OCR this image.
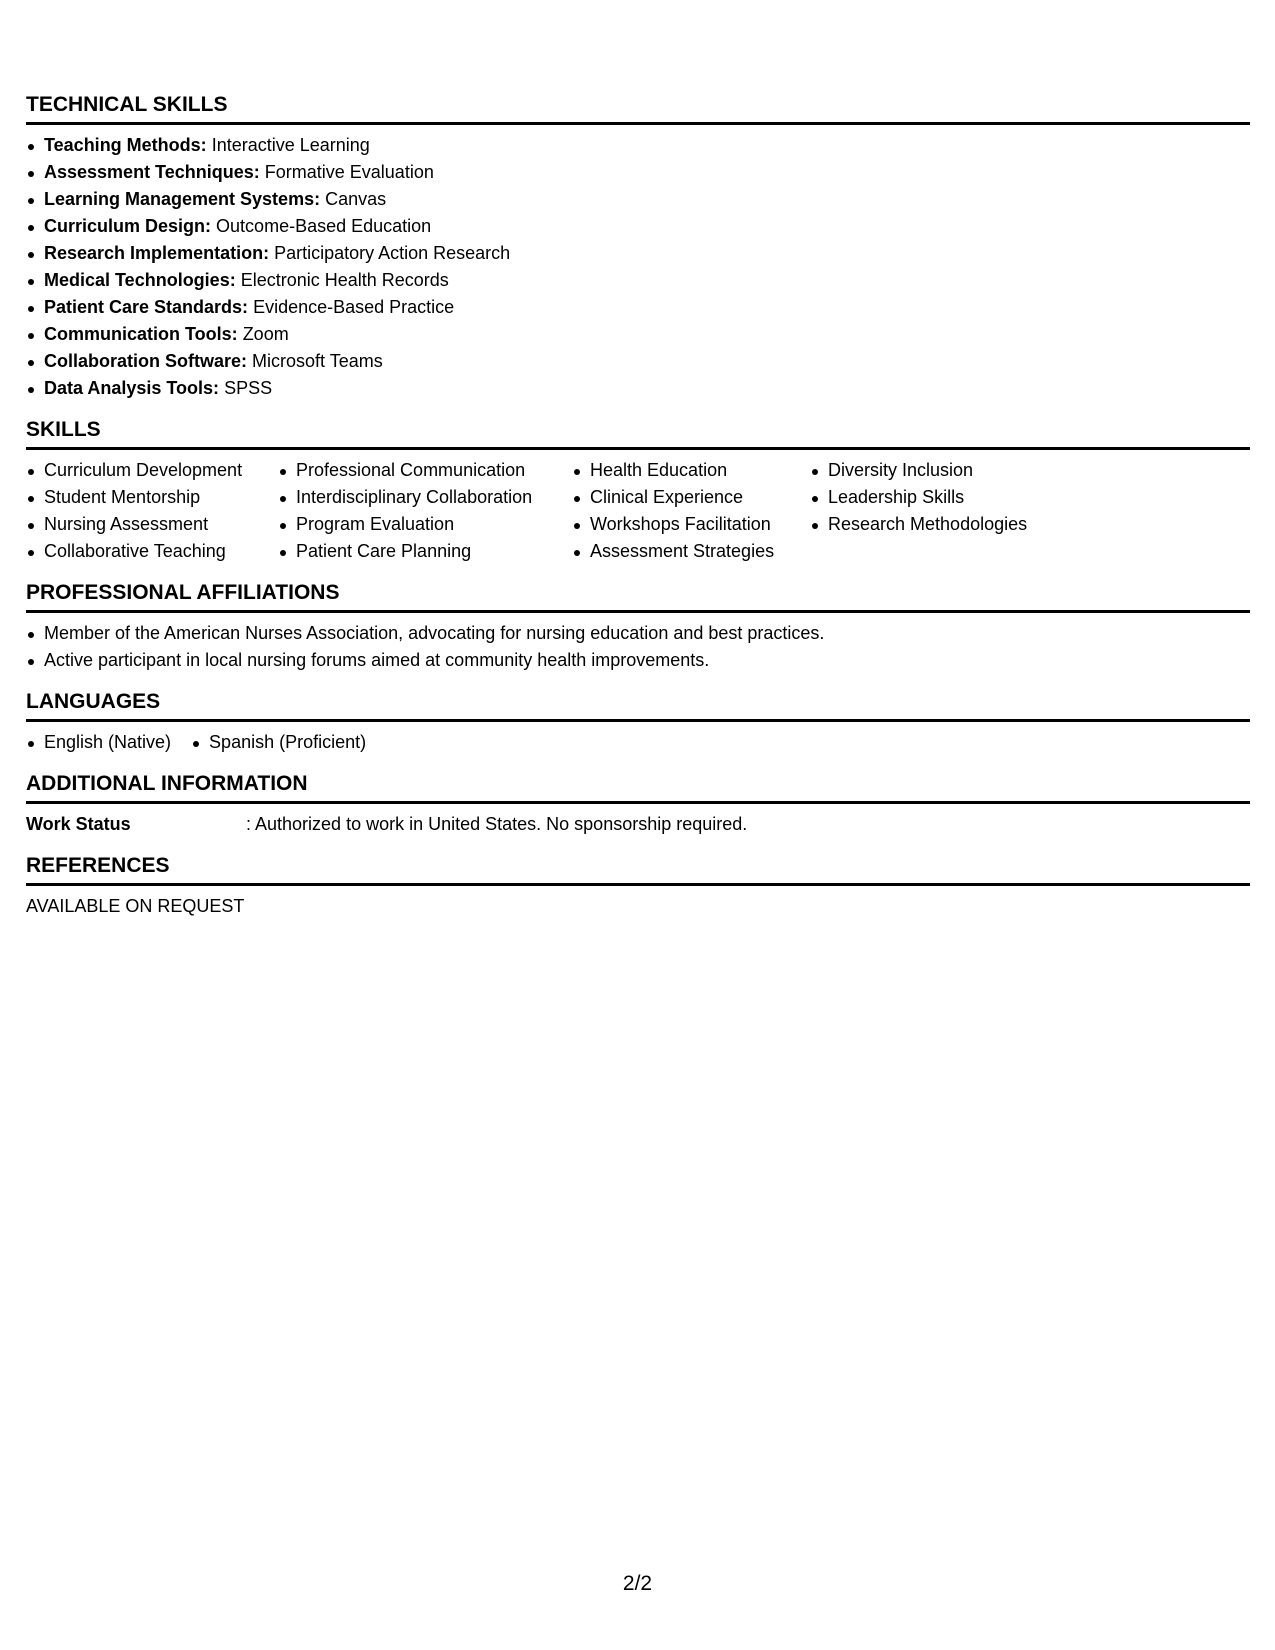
TECHNICAL SKILLS
Teaching Methods: Interactive Learning
Assessment Techniques: Formative Evaluation
Learning Management Systems: Canvas
Curriculum Design: Outcome-Based Education
Research Implementation: Participatory Action Research
Medical Technologies: Electronic Health Records
Patient Care Standards: Evidence-Based Practice
Communication Tools: Zoom
Collaboration Software: Microsoft Teams
Data Analysis Tools: SPSS
SKILLS
Curriculum Development
Student Mentorship
Nursing Assessment
Collaborative Teaching
Professional Communication
Interdisciplinary Collaboration
Program Evaluation
Patient Care Planning
Health Education
Clinical Experience
Workshops Facilitation
Assessment Strategies
Diversity Inclusion
Leadership Skills
Research Methodologies
PROFESSIONAL AFFILIATIONS
Member of the American Nurses Association, advocating for nursing education and best practices.
Active participant in local nursing forums aimed at community health improvements.
LANGUAGES
English (Native)	Spanish (Proficient)
ADDITIONAL INFORMATION
Work Status	: Authorized to work in United States. No sponsorship required.
REFERENCES
AVAILABLE ON REQUEST
2/2
